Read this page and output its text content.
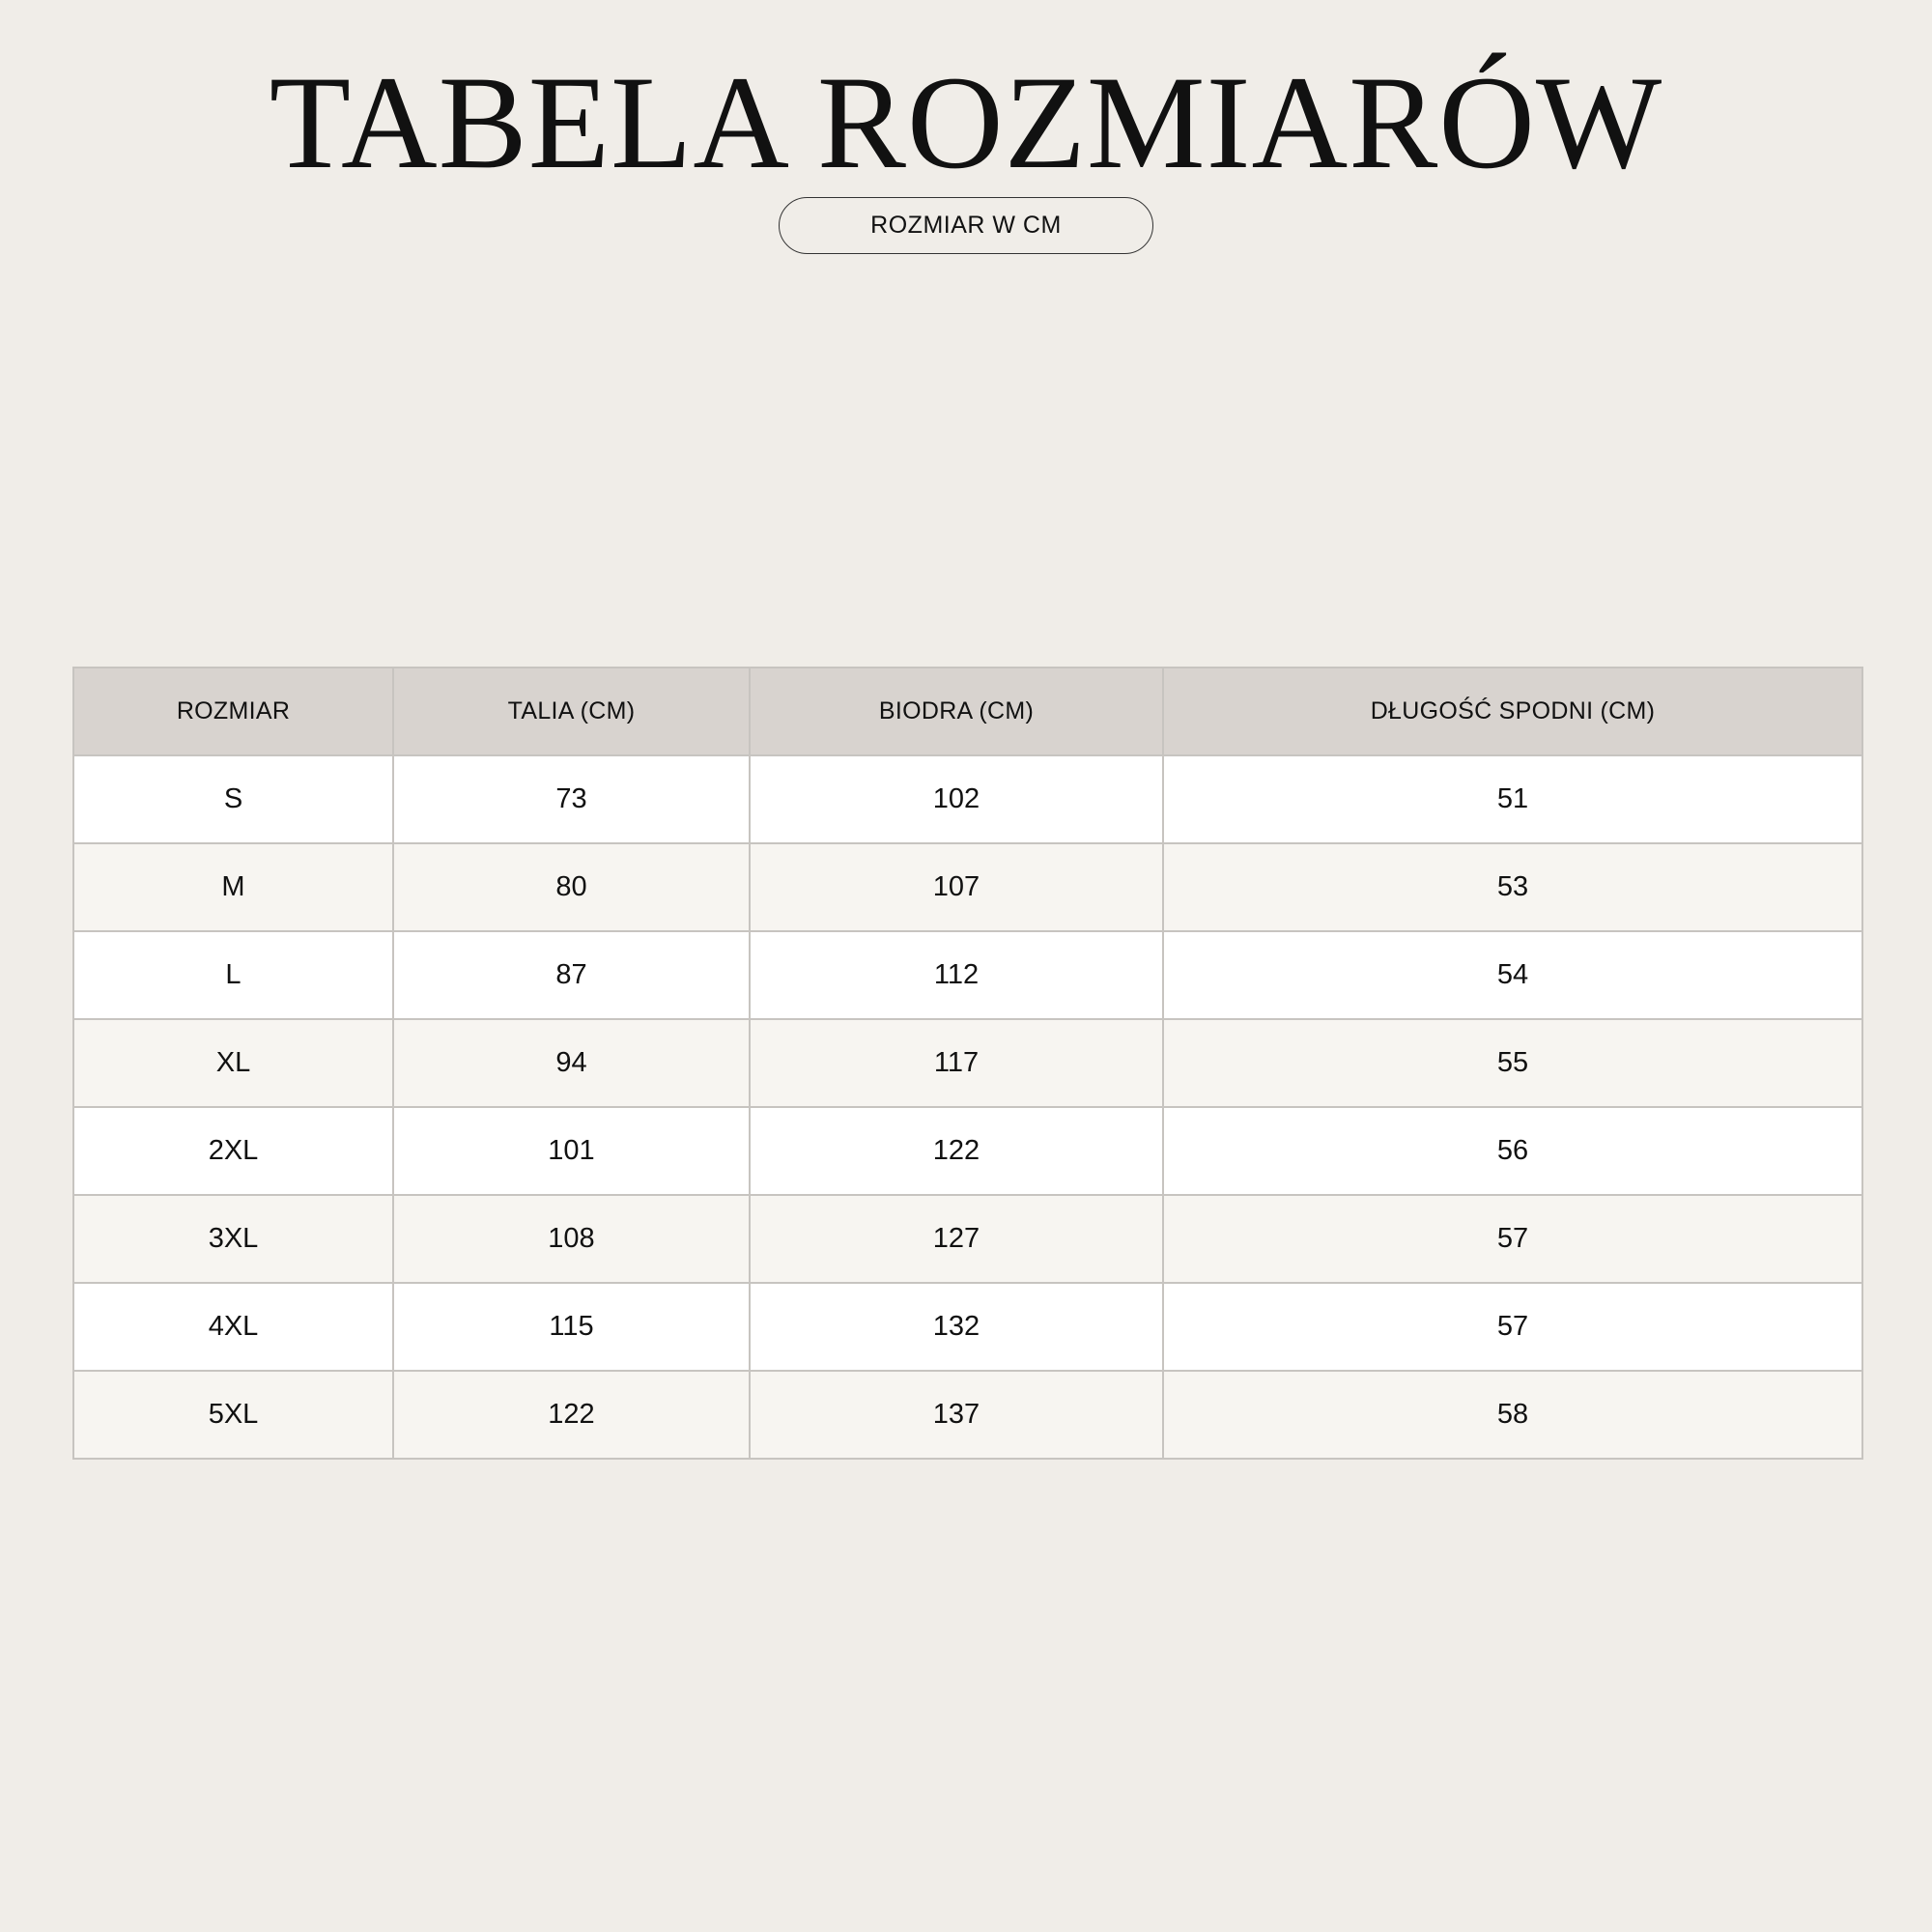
TABELA ROZMIARÓW
ROZMIAR W CM
ROZMIAR	TALIA (CM)	BIODRA (CM)	DŁUGOŚĆ SPODNI (CM)
S	73	102	51
M	80	107	53
L	87	112	54
XL	94	117	55
2XL	101	122	56
3XL	108	127	57
4XL	115	132	57
5XL	122	137	58
